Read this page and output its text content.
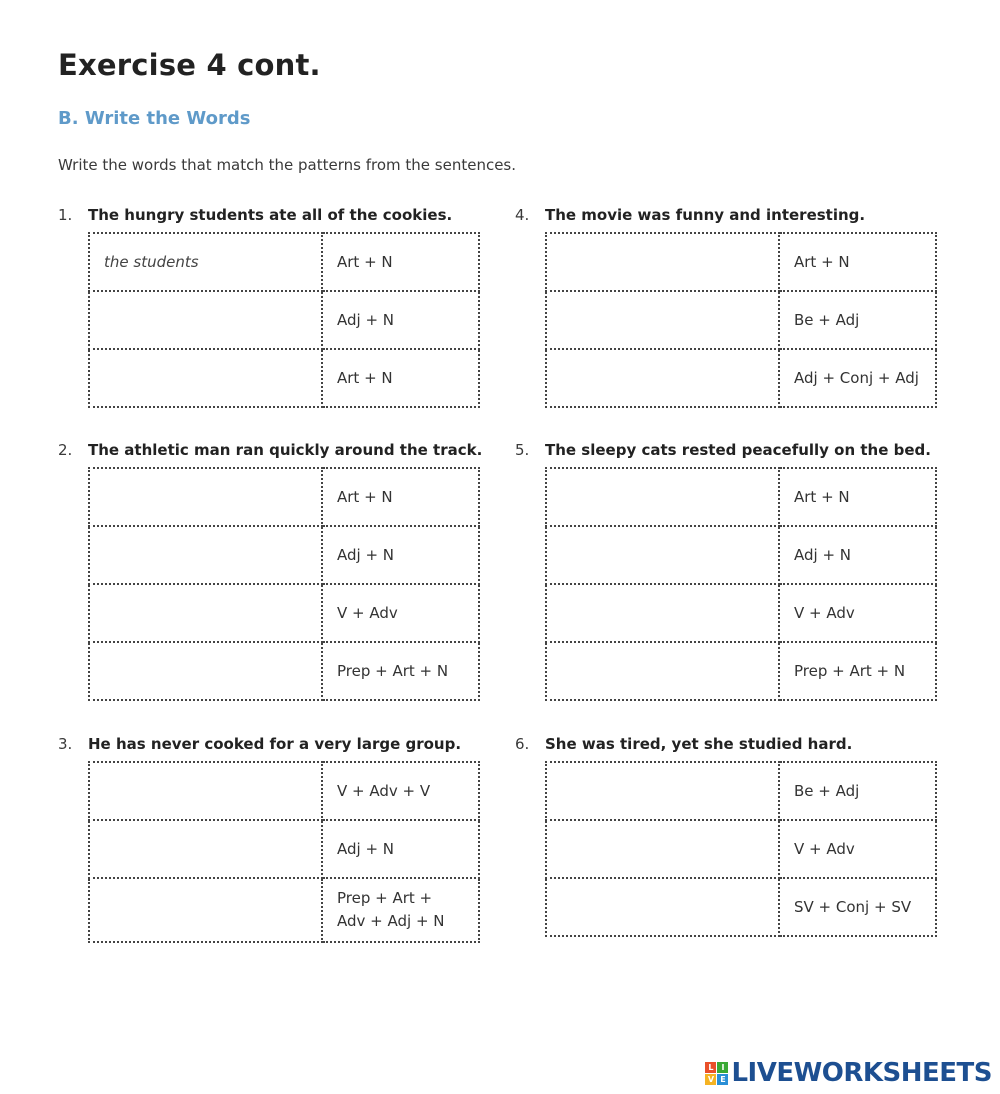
Exercise 4 cont.
B. Write the Words
Write the words that match the patterns from the sentences.
1. The hungry students ate all of the cookies.
the students	Art + N
	Adj + N
	Art + N
2. The athletic man ran quickly around the track.
	Art + N
	Adj + N
	V + Adv
	Prep + Art + N
3. He has never cooked for a very large group.
	V + Adv + V
	Adj + N
	Prep + Art + Adv + Adj + N
4. The movie was funny and interesting.
	Art + N
	Be + Adj
	Adj + Conj + Adj
5. The sleepy cats rested peacefully on the bed.
	Art + N
	Adj + N
	V + Adv
	Prep + Art + N
6. She was tired, yet she studied hard.
	Be + Adj
	V + Adv
	SV + Conj + SV
L I
V E LIVEWORKSHEETS
